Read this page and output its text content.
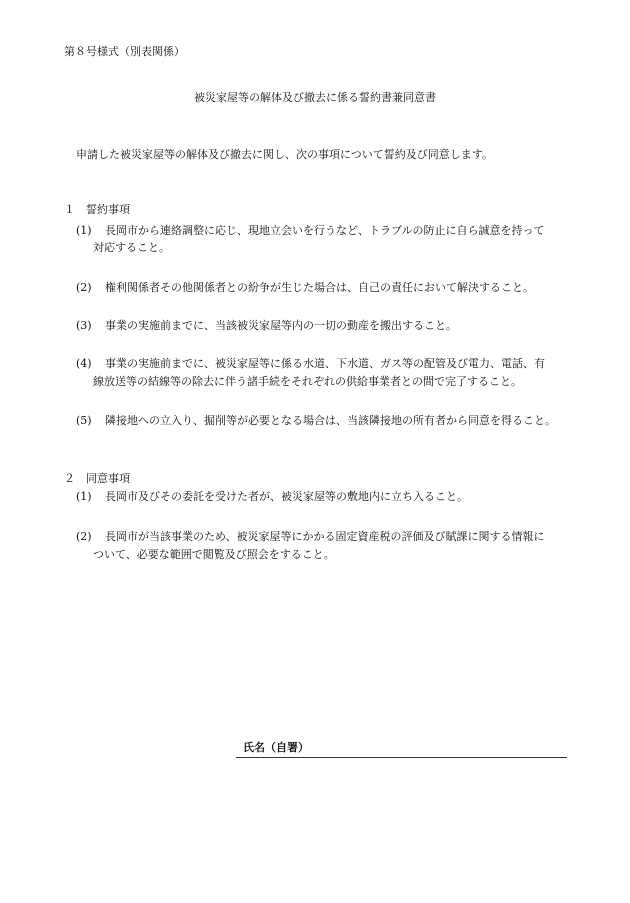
第８号様式（別表関係）
被災家屋等の解体及び撤去に係る誓約書兼同意書
申請した被災家屋等の解体及び撤去に関し、次の事項について誓約及び同意します。
１　誓約事項
(1) 長岡市から連絡調整に応じ、現地立会いを行うなど、トラブルの防止に自ら誠意を持って
対応すること。
(2) 権利関係者その他関係者との紛争が生じた場合は、自己の責任において解決すること。
(3) 事業の実施前までに、当該被災家屋等内の一切の動産を搬出すること。
(4) 事業の実施前までに、被災家屋等に係る水道、下水道、ガス等の配管及び電力、電話、有
線放送等の結線等の除去に伴う諸手続をそれぞれの供給事業者との間で完了すること。
(5) 隣接地への立入り、掘削等が必要となる場合は、当該隣接地の所有者から同意を得ること。
２　同意事項
(1) 長岡市及びその委託を受けた者が、被災家屋等の敷地内に立ち入ること。
(2) 長岡市が当該事業のため、被災家屋等にかかる固定資産税の評価及び賦課に関する情報に
ついて、必要な範囲で閲覧及び照会をすること。
氏名（自署）
